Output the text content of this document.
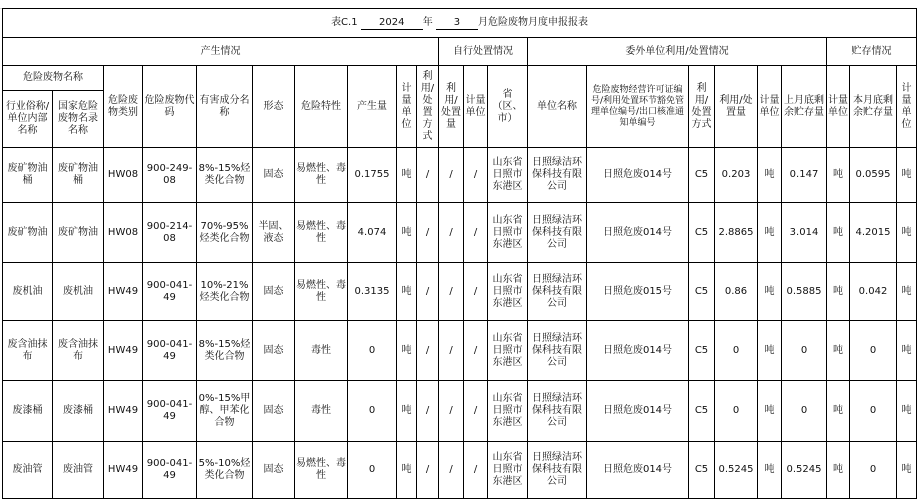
表C.1 2024 年 3 月危险废物月度申报报表																					
产生情况										自行处置情况			委外单位利用/处置情况						贮存情况		
危险废物名称		危险废物类别	危险废物代码	有害成分名称	形态	危险特性	产生量	计量单位	利用/处置方式	利用/处置量	计量单位	省（区、市）	单位名称	危险废物经营许可证编号/利用处置环节豁免管理单位编号/出口核准通知单编号	利用/处置方式	利用/处置量	计量单位	上月底剩余贮存量	计量单位	本月底剩余贮存量	计量单位
行业俗称/单位内部名称	国家危险废物名录名称																				
废矿物油桶	废矿物油桶	HW08	900-249-08	8%-15%烃类化合物	固态	易燃性、毒性	0.1755	吨	/	/	/	山东省日照市东港区	日照绿洁环保科技有限公司	日照危废014号	C5	0.203	吨	0.147	吨	0.0595	吨
废矿物油	废矿物油	HW08	900-214-08	70%-95%烃类化合物	半固、液态	易燃性、毒性	4.074	吨	/	/	/	山东省日照市东港区	日照绿洁环保科技有限公司	日照危废014号	C5	2.8865	吨	3.014	吨	4.2015	吨
废机油	废机油	HW49	900-041-49	10%-21%烃类化合物	固态	易燃性、毒性	0.3135	吨	/	/	/	山东省日照市东港区	日照绿洁环保科技有限公司	日照危废015号	C5	0.86	吨	0.5885	吨	0.042	吨
废含油抹布	废含油抹布	HW49	900-041-49	8%-15%烃类化合物	固态	毒性	0	吨	/	/	/	山东省日照市东港区	日照绿洁环保科技有限公司	日照危废014号	C5	0	吨	0	吨	0	吨
废漆桶	废漆桶	HW49	900-041-49	0%-15%甲醇、甲苯化合物	固态	毒性	0	吨	/	/	/	山东省日照市东港区	日照绿洁环保科技有限公司	日照危废014号	C5	0	吨	0	吨	0	吨
废油管	废油管	HW49	900-041-49	5%-10%烃类化合物	固态	易燃性、毒性	0	吨	/	/	/	山东省日照市东港区	日照绿洁环保科技有限公司	日照危废014号	C5	0.5245	吨	0.5245	吨	0	吨
